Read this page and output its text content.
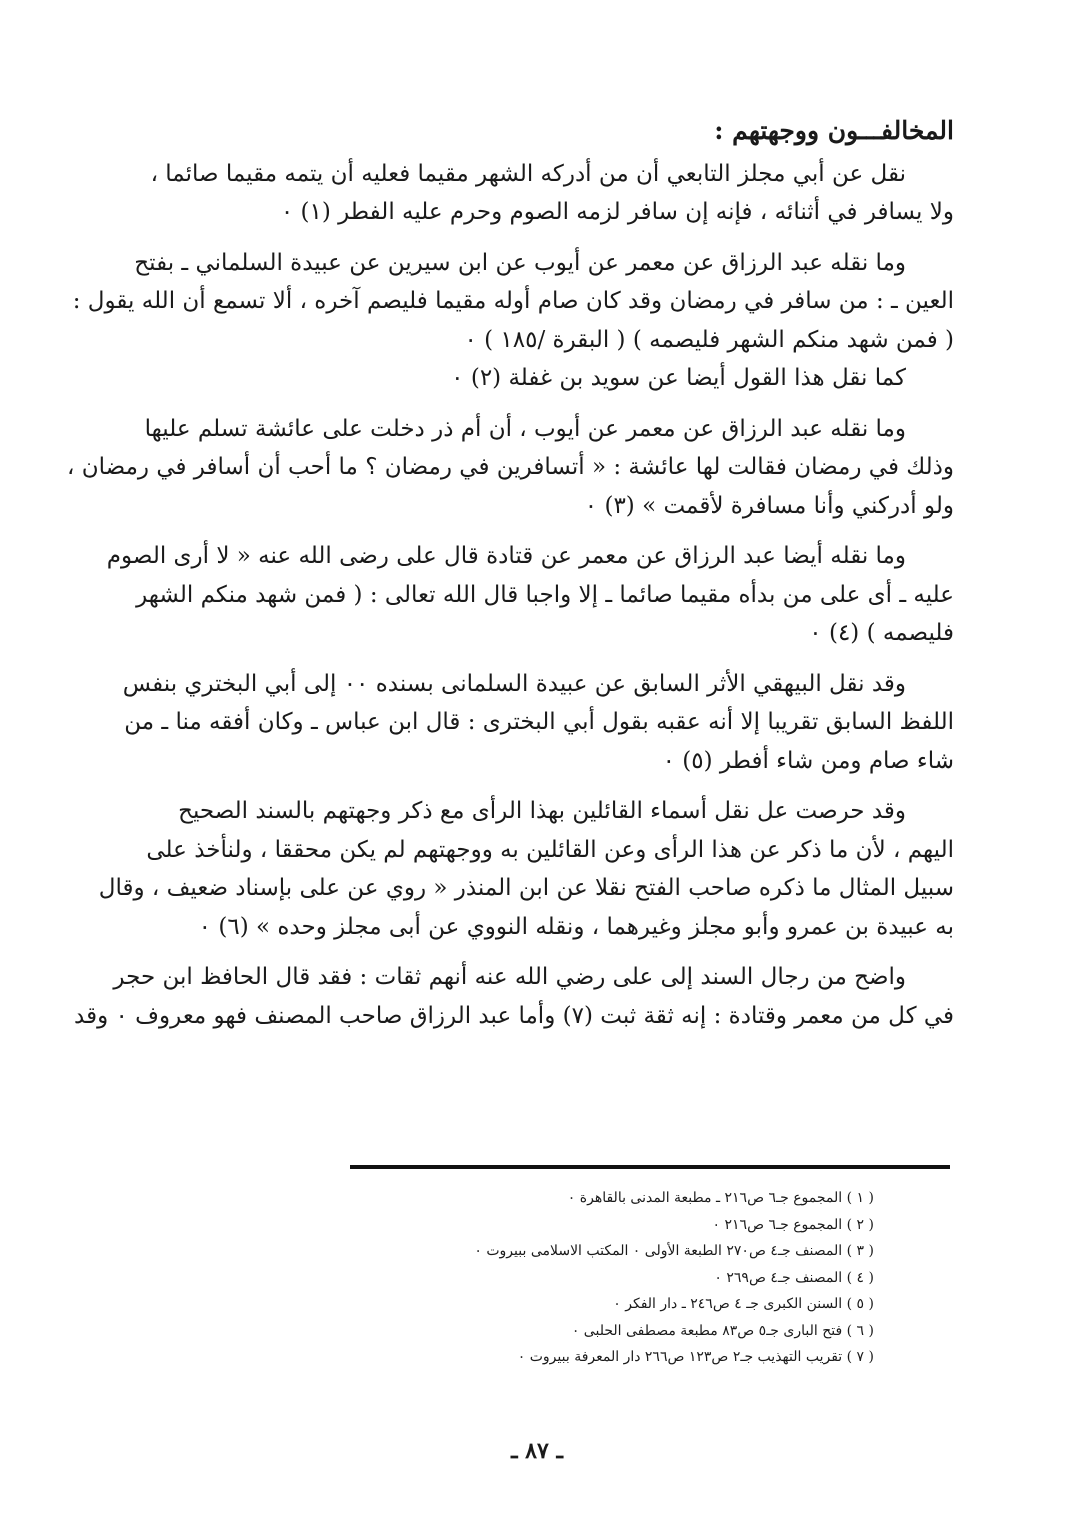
المخالفـــون ووجهتهم :
نقل عن أبي مجلز التابعي أن من أدركه الشهر مقيما فعليه أن يتمه مقيما صائما ،
ولا يسافر في أثنائه ، فإنه إن سافر لزمه الصوم وحرم عليه الفطر (١) ٠
وما نقله عبد الرزاق عن معمر عن أيوب عن ابن سيرين عن عبيدة السلماني ـ بفتح
العين ـ : من سافر في رمضان وقد كان صام أوله مقيما فليصم آخره ، ألا تسمع أن الله يقول :
( فمن شهد منكم الشهر فليصمه ) ( البقرة /١٨٥ ) ٠
كما نقل هذا القول أيضا عن سويد بن غفلة (٢) ٠
وما نقله عبد الرزاق عن معمر عن أيوب ، أن أم ذر دخلت على عائشة تسلم عليها
وذلك في رمضان فقالت لها عائشة : « أتسافرين في رمضان ؟ ما أحب أن أسافر في رمضان ،
ولو أدركني وأنا مسافرة لأقمت » (٣) ٠
وما نقله أيضا عبد الرزاق عن معمر عن قتادة قال على رضى الله عنه « لا أرى الصوم
عليه ـ أى على من بدأه مقيما صائما ـ إلا واجبا قال الله تعالى : ( فمن شهد منكم الشهر
فليصمه ) (٤) ٠
وقد نقل البيهقي الأثر السابق عن عبيدة السلمانى بسنده ٠٠ إلى أبي البختري بنفس
اللفظ السابق تقريبا إلا أنه عقبه بقول أبي البخترى : قال ابن عباس ـ وكان أفقه منا ـ من
شاء صام ومن شاء أفطر (٥) ٠
وقد حرصت عل نقل أسماء القائلين بهذا الرأى مع ذكر وجهتهم بالسند الصحيح
اليهم ، لأن ما ذكر عن هذا الرأى وعن القائلين به ووجهتهم لم يكن محققا ، ولنأخذ على
سبيل المثال ما ذكره صاحب الفتح نقلا عن ابن المنذر « روي عن على بإسناد ضعيف ، وقال
به عبيدة بن عمرو وأبو مجلز وغيرهما ، ونقله النووي عن أبى مجلز وحده » (٦) ٠
واضح من رجال السند إلى على رضي الله عنه أنهم ثقات : فقد قال الحافظ ابن حجر
في كل من معمر وقتادة : إنه ثقة ثبت (٧) وأما عبد الرزاق صاحب المصنف فهو معروف ٠ وقد
( ١ ) المجموع جـ٦ ص٢١٦ ـ مطبعة المدنى بالقاهرة ٠
( ٢ ) المجموع جـ٦ ص٢١٦ ٠
( ٣ ) المصنف جـ٤ ص٢٧٠ الطبعة الأولى ٠ المكتب الاسلامى ببيروت ٠
( ٤ ) المصنف جـ٤ ص٢٦٩ ٠
( ٥ ) السنن الكبرى جـ ٤ ص٢٤٦ ـ دار الفكر ٠
( ٦ ) فتح البارى جـ٥ ص٨٣ مطبعة مصطفى الحلبى ٠
( ٧ ) تقريب التهذيب جـ٢ ص١٢٣ ص٢٦٦ دار المعرفة ببيروت ٠
ـ ٨٧ ـ
